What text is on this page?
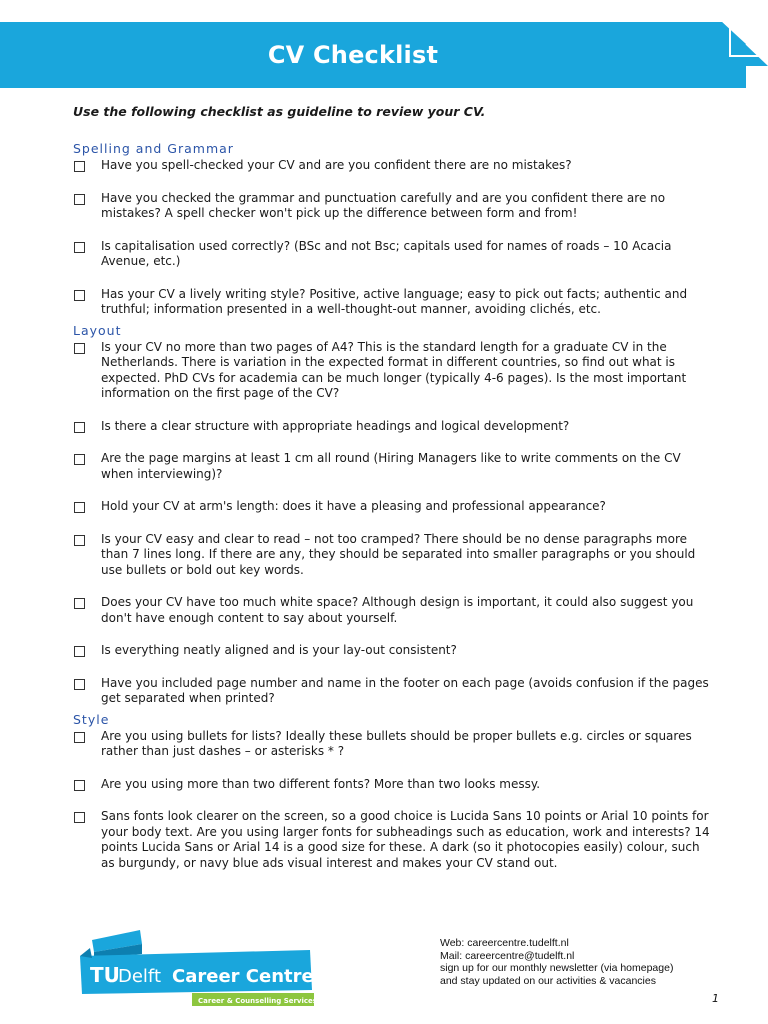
CV Checklist

Use the following checklist as guideline to review your CV.

Spelling and Grammar
Have you spell-checked your CV and are you confident there are no mistakes?
Have you checked the grammar and punctuation carefully and are you confident there are no mistakes? A spell checker won't pick up the difference between form and from!
Is capitalisation used correctly? (BSc and not Bsc; capitals used for names of roads – 10 Acacia Avenue, etc.)
Has your CV a lively writing style? Positive, active language; easy to pick out facts; authentic and truthful; information presented in a well-thought-out manner, avoiding clichés, etc.
Layout
Is your CV no more than two pages of A4? This is the standard length for a graduate CV in the Netherlands. There is variation in the expected format in different countries, so find out what is expected. PhD CVs for academia can be much longer (typically 4-6 pages). Is the most important information on the first page of the CV?
Is there a clear structure with appropriate headings and logical development?
Are the page margins at least 1 cm all round (Hiring Managers like to write comments on the CV when interviewing)?
Hold your CV at arm's length: does it have a pleasing and professional appearance?
Is your CV easy and clear to read – not too cramped? There should be no dense paragraphs more than 7 lines long. If there are any, they should be separated into smaller paragraphs or you should use bullets or bold out key words.
Does your CV have too much white space? Although design is important, it could also suggest you don't have enough content to say about yourself.
Is everything neatly aligned and is your lay-out consistent?
Have you included page number and name in the footer on each page (avoids confusion if the pages get separated when printed?
Style
Are you using bullets for lists? Ideally these bullets should be proper bullets e.g. circles or squares rather than just dashes – or asterisks * ?
Are you using more than two different fonts? More than two looks messy.
Sans fonts look clearer on the screen, so a good choice is Lucida Sans 10 points or Arial 10 points for your body text. Are you using larger fonts for subheadings such as education, work and interests? 14 points Lucida Sans or Arial 14 is a good size for these. A dark (so it photocopies easily) colour, such as burgundy, or navy blue ads visual interest and makes your CV stand out.
TU
Delft Career Centre
Career & Counselling Services
Web: careercentre.tudelft.nl
Mail: careercentre@tudelft.nl
sign up for our monthly newsletter (via homepage)
and stay updated on our activities & vacancies
1
